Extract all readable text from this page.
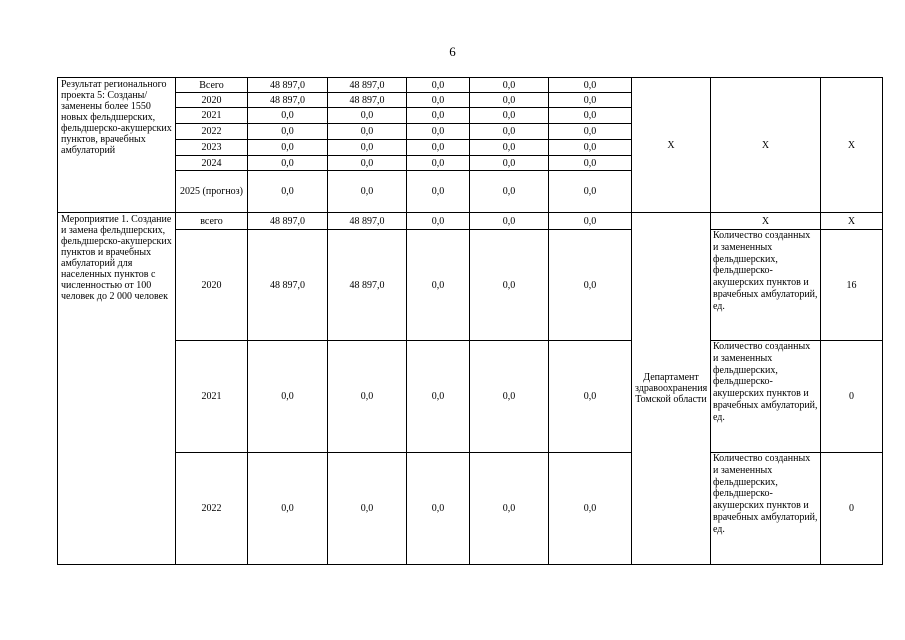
6
Результат регионального проекта 5: Созданы/заменены более 1550 новых фельдшерских, фельдшерско-акушерских пунктов, врачебных амбулаторий	Всего	48 897,0	48 897,0	0,0	0,0	0,0	X	X	X
	2020	48 897,0	48 897,0	0,0	0,0	0,0			
	2021	0,0	0,0	0,0	0,0	0,0			
	2022	0,0	0,0	0,0	0,0	0,0			
	2023	0,0	0,0	0,0	0,0	0,0			
	2024	0,0	0,0	0,0	0,0	0,0			
	2025 (прогноз)	0,0	0,0	0,0	0,0	0,0			
Мероприятие 1. Создание и замена фельдшерских, фельдшерско-акушерских пунктов и врачебных амбулаторий для населенных пунктов с численностью от 100 человек до 2 000 человек	всего	48 897,0	48 897,0	0,0	0,0	0,0	Департамент здравоохранения Томской области	X	X
	2020	48 897,0	48 897,0	0,0	0,0	0,0		Количество созданных и замененных фельдшерских, фельдшерско-акушерских пунктов и врачебных амбулаторий, ед.	16
	2021	0,0	0,0	0,0	0,0	0,0		Количество созданных и замененных фельдшерских, фельдшерско-акушерских пунктов и врачебных амбулаторий, ед.	0
	2022	0,0	0,0	0,0	0,0	0,0		Количество созданных и замененных фельдшерских, фельдшерско-акушерских пунктов и врачебных амбулаторий, ед.	0
